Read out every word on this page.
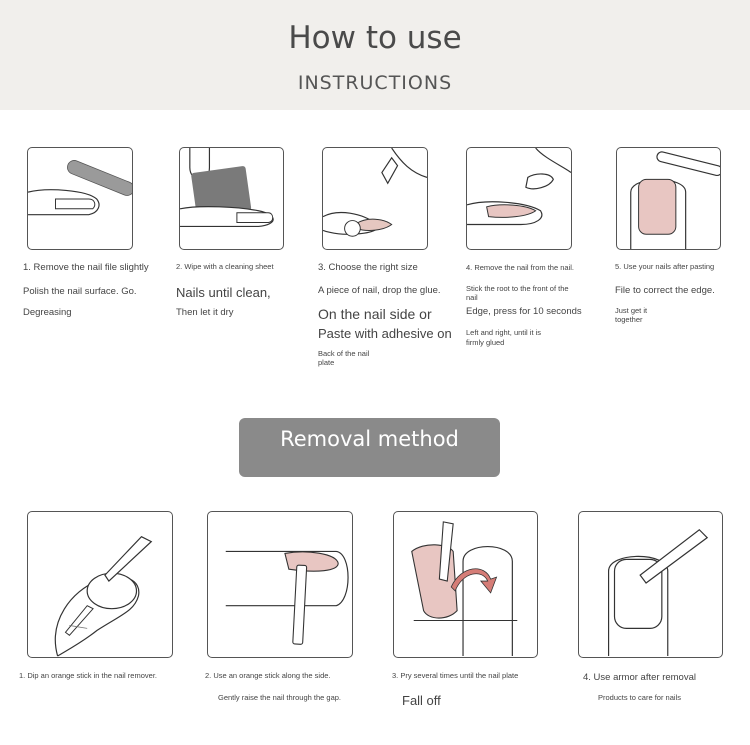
How to use
INSTRUCTIONS
1. Remove the nail file slightly
Polish the nail surface. Go.
Degreasing
2. Wipe with a cleaning sheet
Nails until clean,
Then let it dry
3. Choose the right size
A piece of nail, drop the glue.
On the nail side or
Paste with adhesive on
Back of the nail
plate
4. Remove the nail from the nail.
Stick the root to the front of the
nail
Edge, press for 10 seconds
Left and right, until it is
firmly glued
5. Use your nails after pasting
File to correct the edge.
Just get it
together
Removal method
1. Dip an orange stick in the nail remover.	2. Use an orange stick along the side.
Gently raise the nail through the gap.
3. Pry several times until the nail plate
Fall off
4. Use armor after removal
Products to care for nails
